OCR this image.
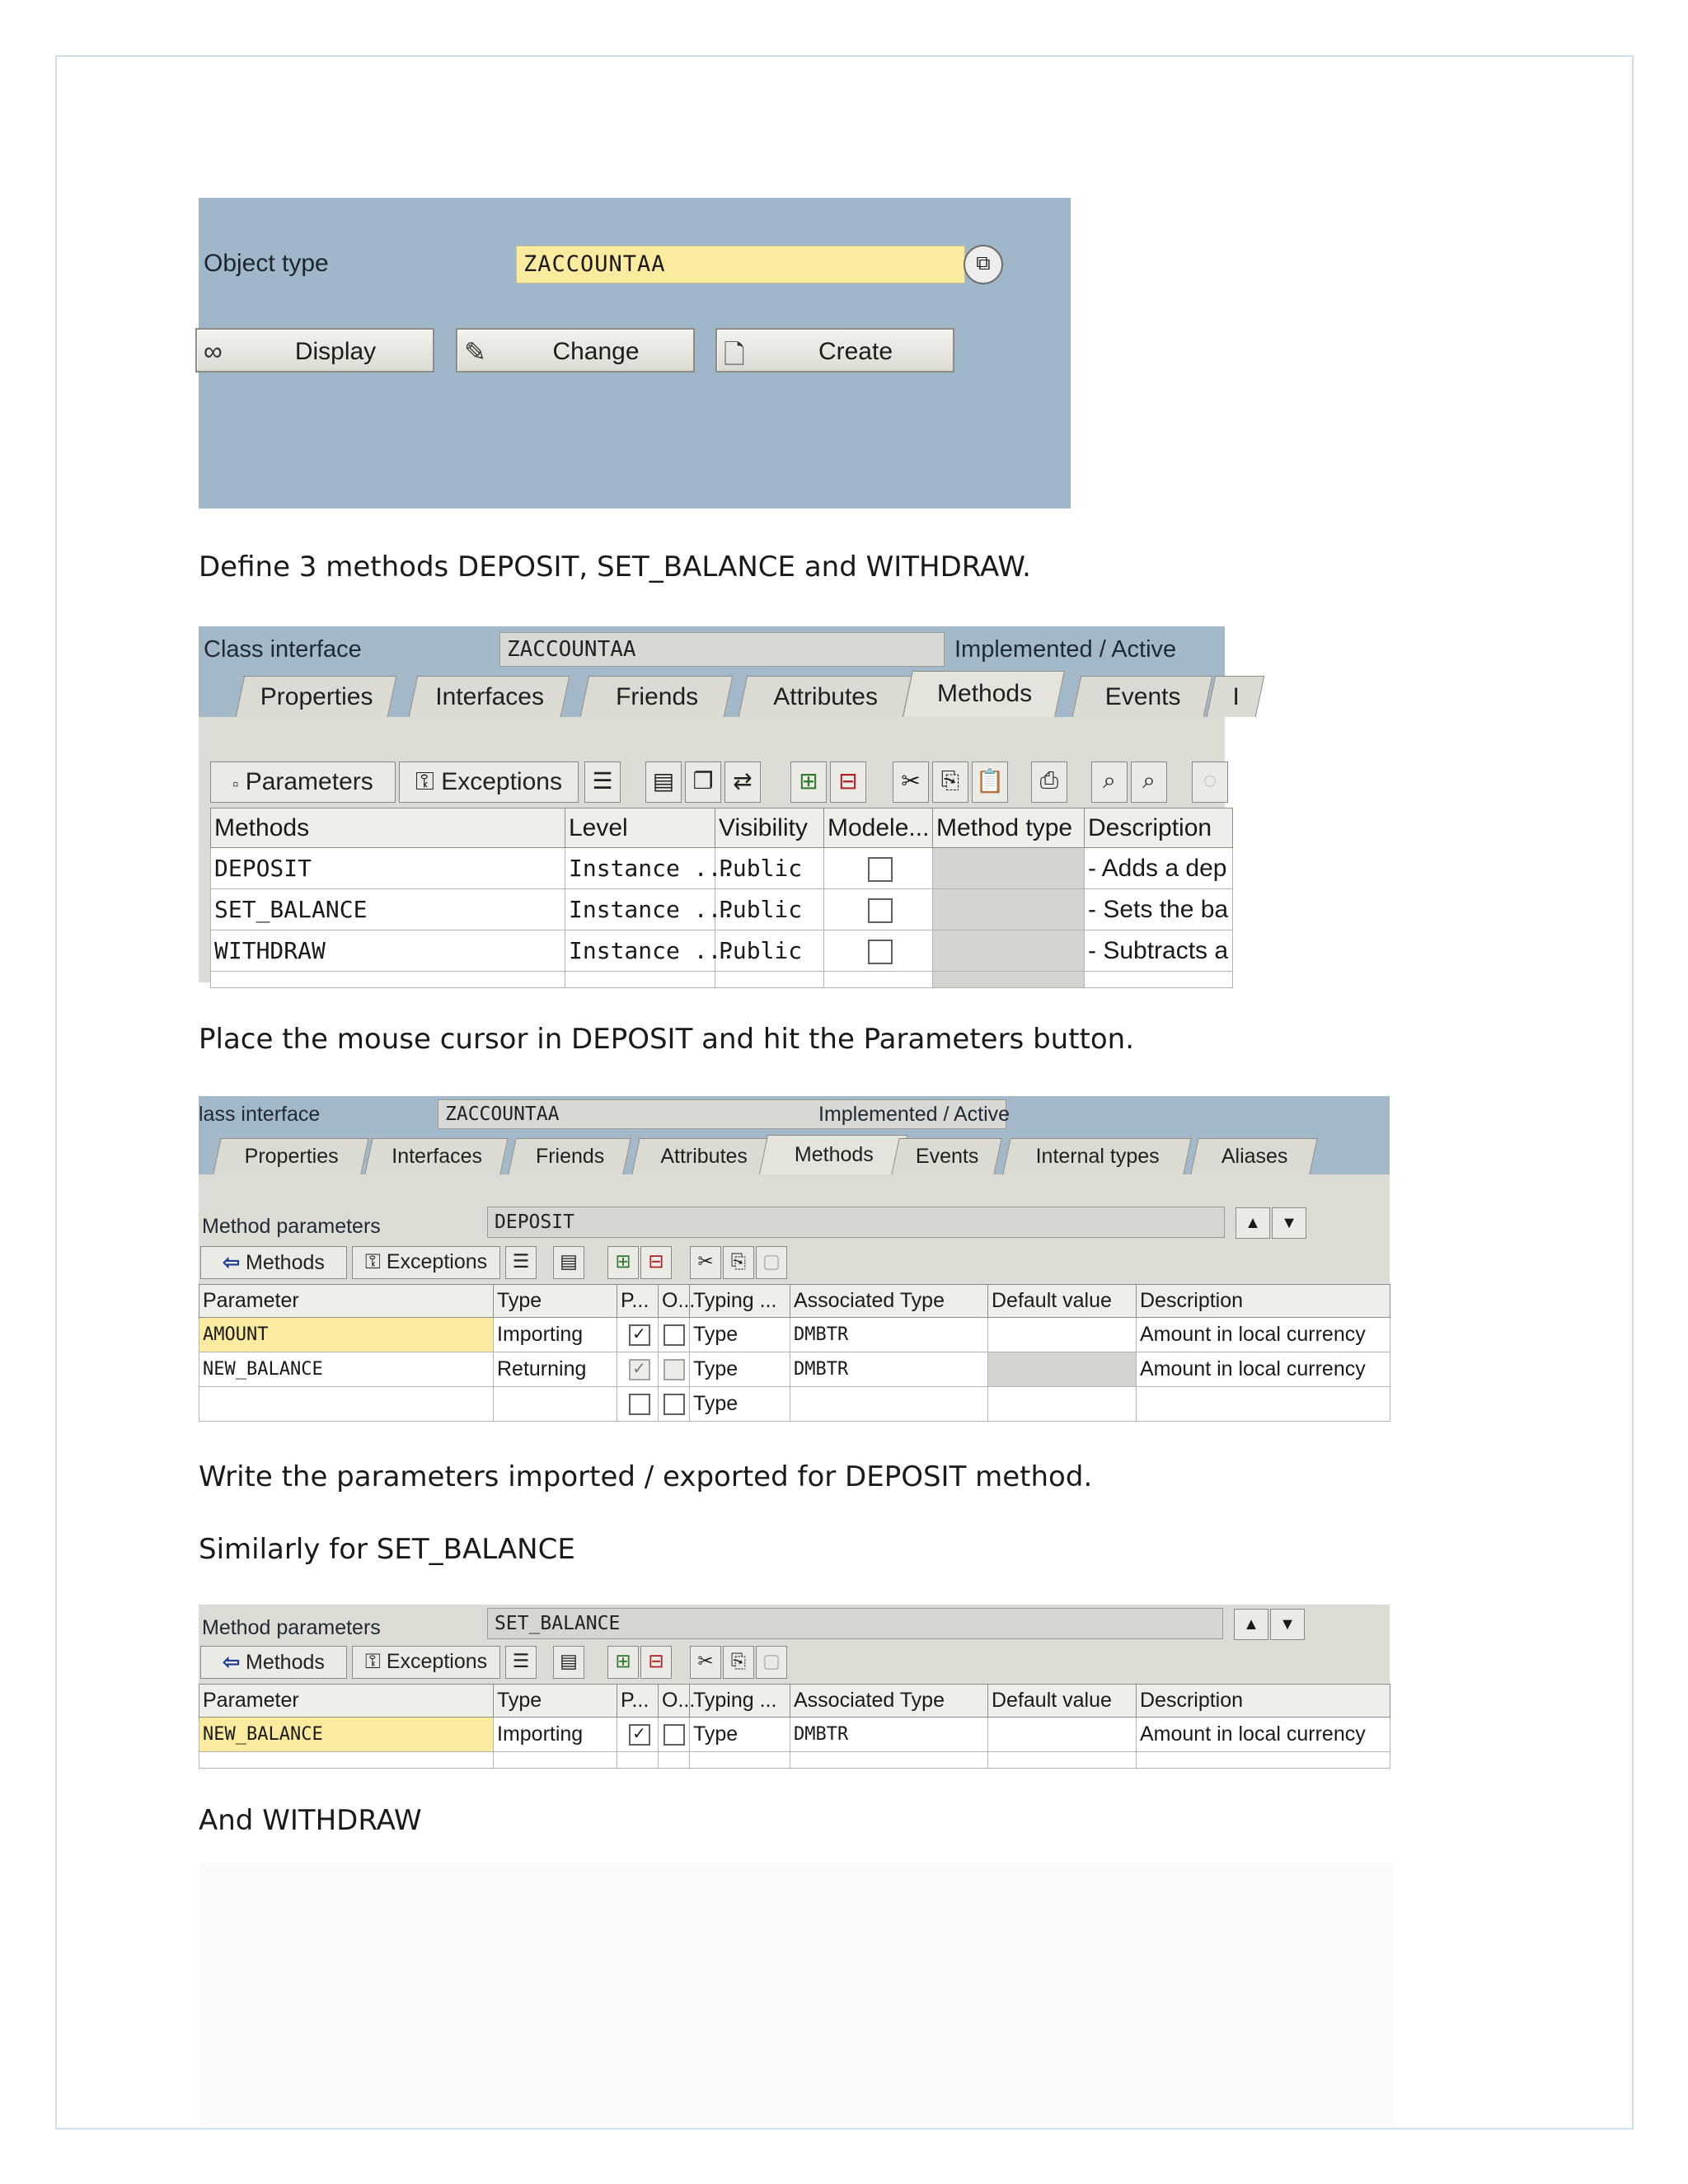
Object type	ZACCOUNTAA	⧉
∞	Display	✎	Change	🗋	Create
Define 3 methods DEPOSIT, SET_BALANCE and WITHDRAW.
Class interface	ZACCOUNTAA	Implemented / Active
Properties	Interfaces	Friends	Attributes	Methods	Events	I
▫ Parameters	⚿ Exceptions	☰	▤ ❐ ⇄	⊞ ⊟	✂ ⎘ 📋	⎙	⌕	⌕	◌
Methods	Level	Visibility	Modele...	Method type	Description
DEPOSIT	Instance ...	Public			- Adds a dep
SET_BALANCE	Instance ...	Public			- Sets the ba
WITHDRAW	Instance ...	Public			- Subtracts a

Place the mouse cursor in DEPOSIT and hit the Parameters button.
lass interface	ZACCOUNTAA	Implemented / Active
Properties	Interfaces	Friends	Attributes	Methods	Events	Internal types	Aliases
Method parameters	DEPOSIT	▲	▼
⇦ Methods	⚿ Exceptions	☰	▤	⊞ ⊟	✂ ⎘ ▢
Parameter	Type	P...	O...	Typing ...	Associated Type	Default value	Description
AMOUNT	Importing	✓		Type	DMBTR		Amount in local currency
NEW_BALANCE	Returning	✓		Type	DMBTR		Amount in local currency
				Type			
Write the parameters imported / exported for DEPOSIT method.
Similarly for SET_BALANCE
Method parameters	SET_BALANCE	▲	▼
⇦ Methods	⚿ Exceptions	☰	▤	⊞ ⊟	✂ ⎘ ▢
Parameter	Type	P...	O...	Typing ...	Associated Type	Default value	Description
NEW_BALANCE	Importing	✓		Type	DMBTR		Amount in local currency

And WITHDRAW
